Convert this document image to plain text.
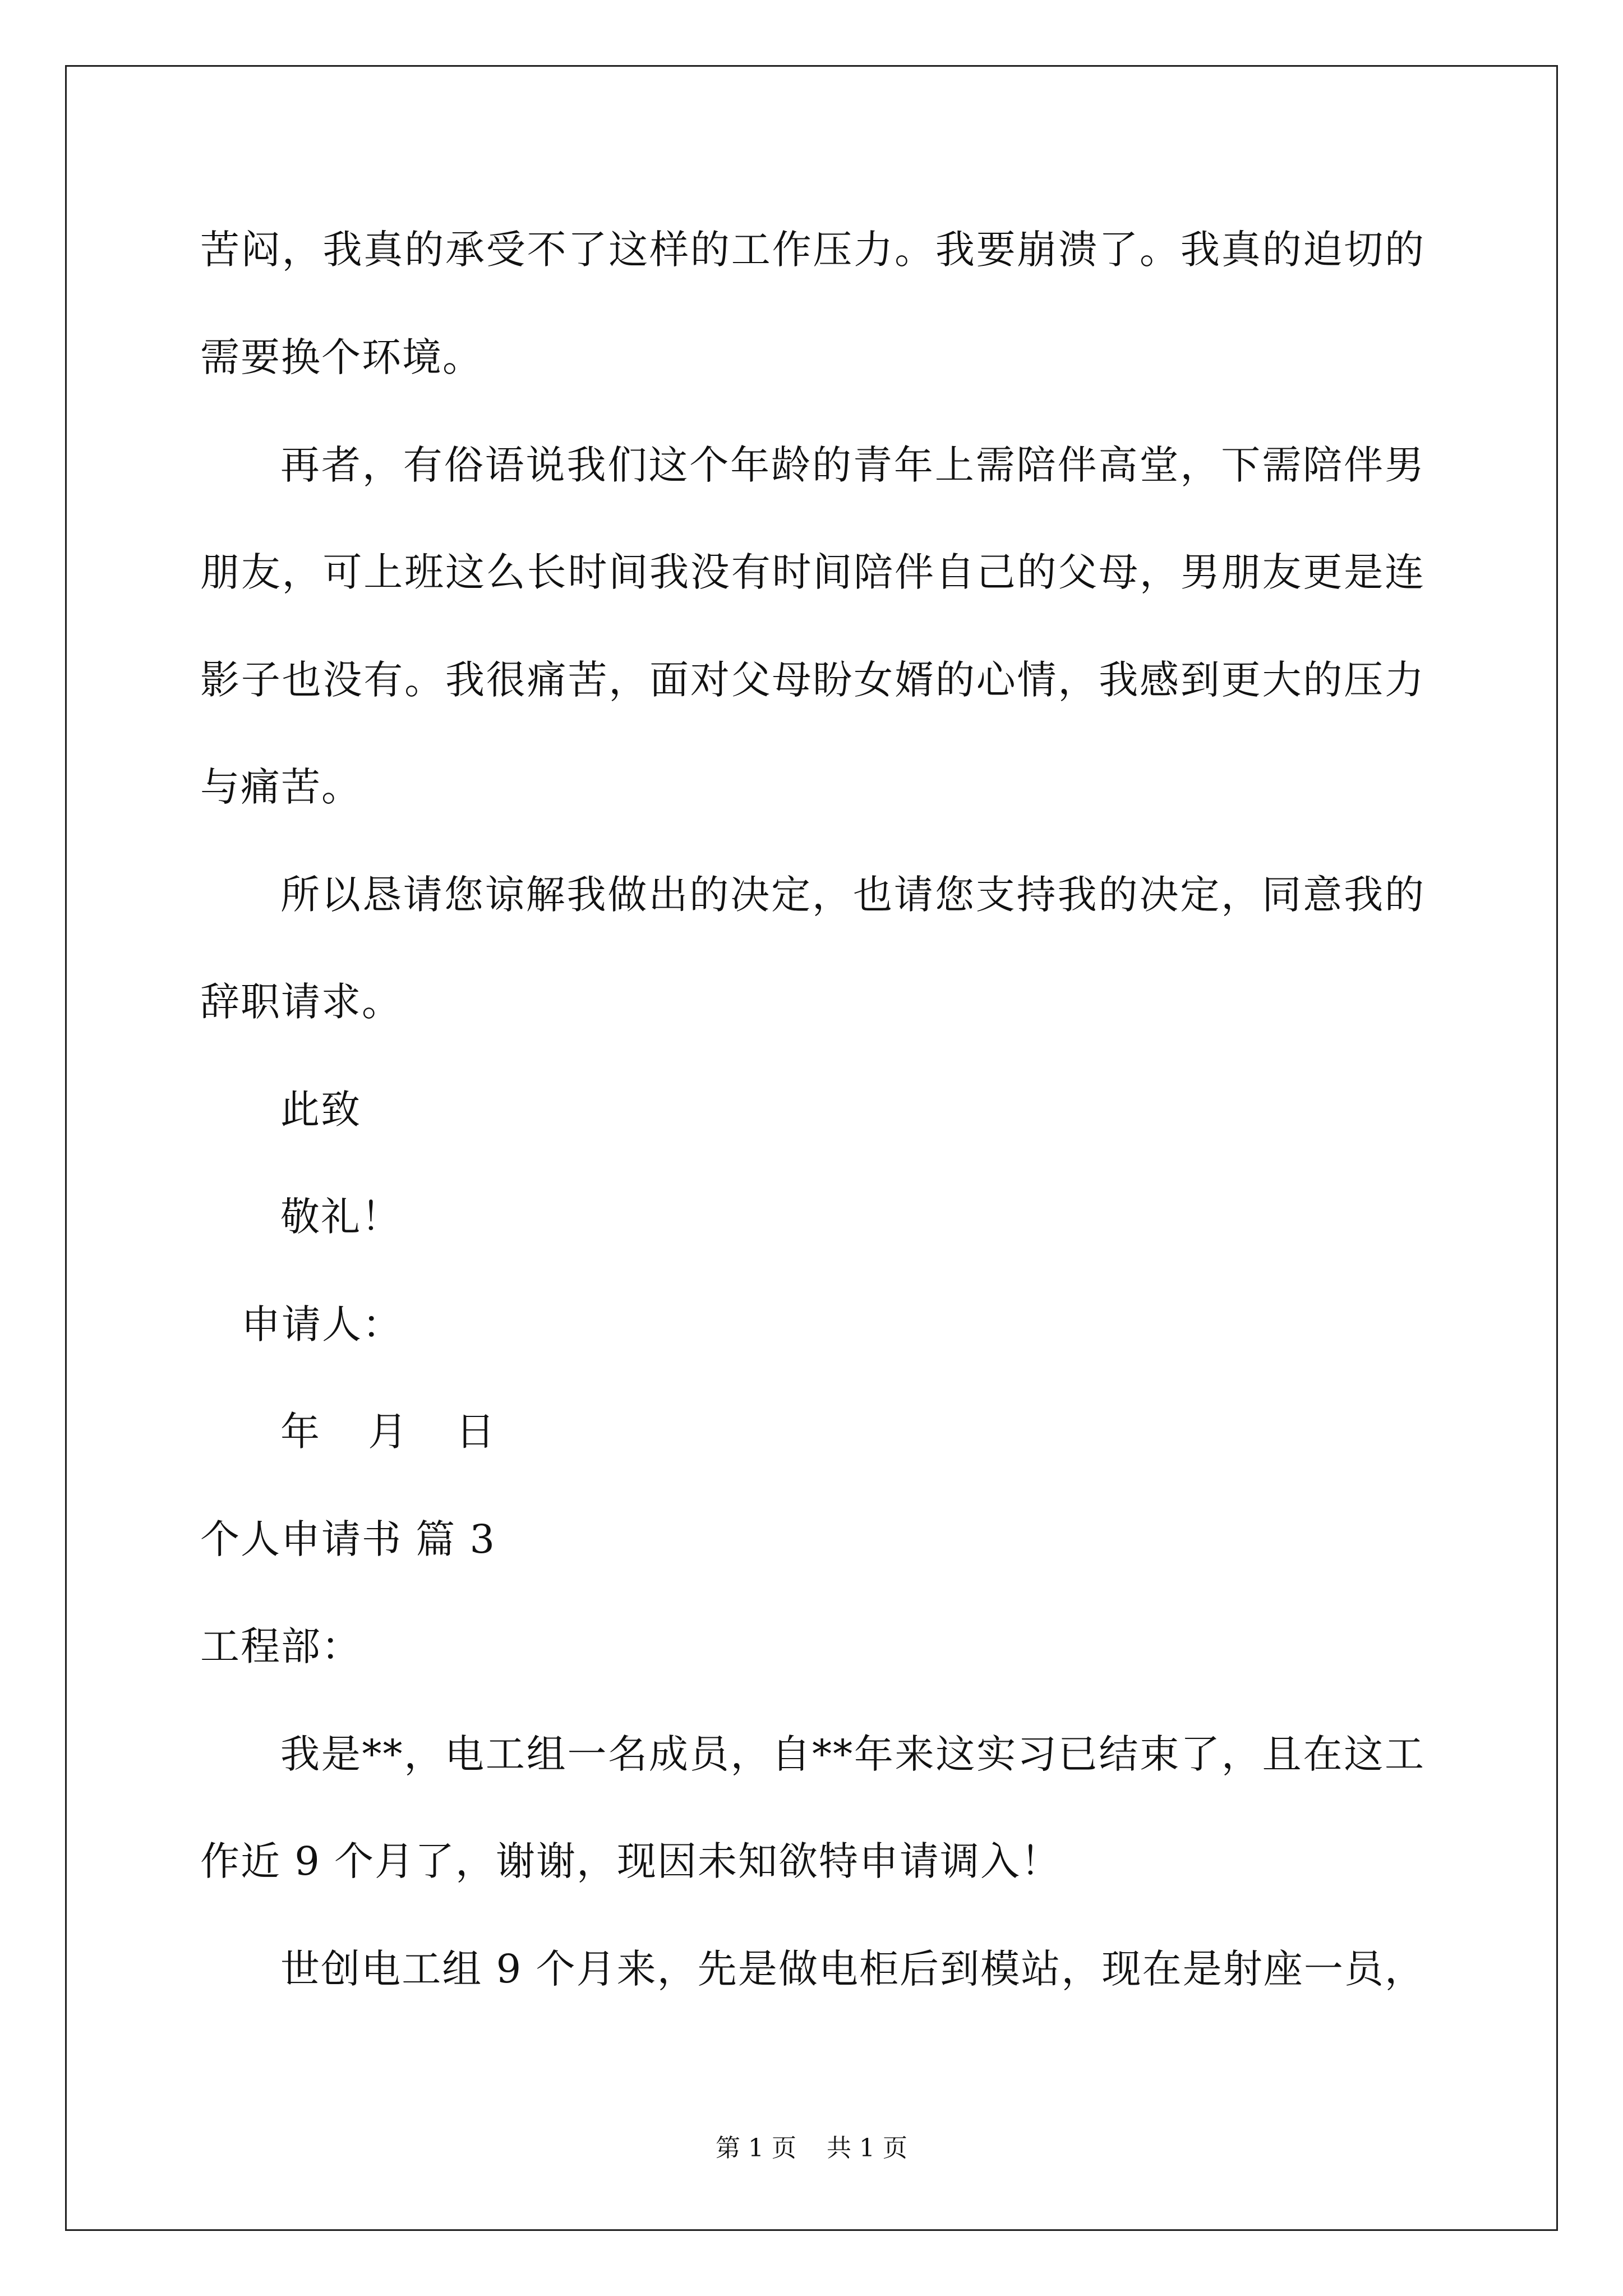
苦闷，我真的承受不了这样的工作压力。我要崩溃了。我真的迫切的
需要换个环境。
再者，有俗语说我们这个年龄的青年上需陪伴高堂，下需陪伴男
朋友，可上班这么长时间我没有时间陪伴自己的父母，男朋友更是连
影子也没有。我很痛苦，面对父母盼女婿的心情，我感到更大的压力
与痛苦。
所以恳请您谅解我做出的决定，也请您支持我的决定，同意我的
辞职请求。
此致
敬礼！
申请人：
年 月 日
个人申请书 篇 3
工程部：
我是**，电工组一名成员，自**年来这实习已结束了，且在这工
作近 9 个月了，谢谢，现因未知欲特申请调入！
世创电工组 9 个月来，先是做电柜后到模站，现在是射座一员，
第 1 页 共 1 页
